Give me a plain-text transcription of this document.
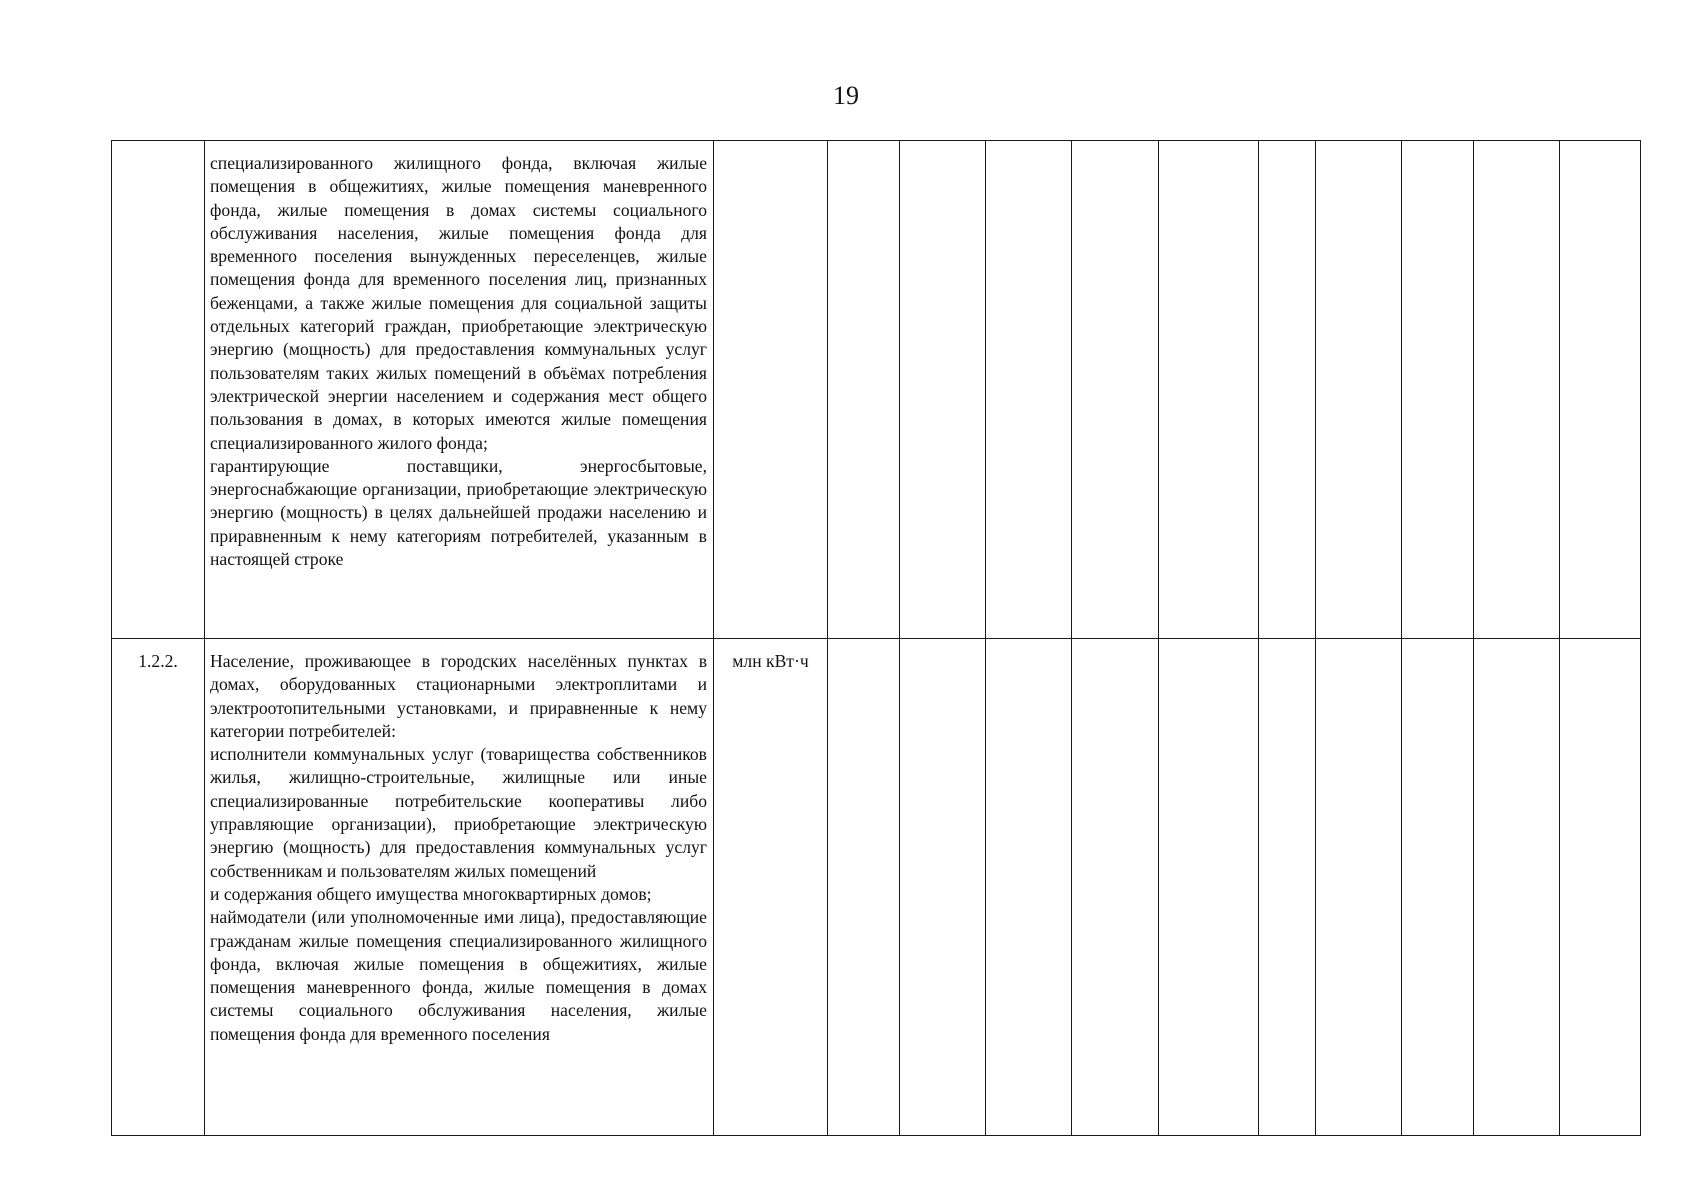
19

	специализированного жилищного фонда, включая жилые помещения в общежитиях, жилые помещения маневренного фонда, жилые помещения в домах системы социального обслуживания населения, жилые помещения фонда для временного поселения вынужденных переселенцев, жилые помещения фонда для временного поселения лиц, признанных беженцами, а также жилые помещения для социальной защиты отдельных категорий граждан, приобретающие электрическую энергию (мощность) для предоставления коммунальных услуг пользователям таких жилых помещений в объёмах потребления электрической энергии населением и содержания мест общего пользования в домах, в которых имеются жилые помещения специализированного жилого фонда;
гарантирующие поставщики, энергосбытовые, энергоснабжающие организации, приобретающие электрическую энергию (мощность) в целях дальнейшей продажи населению и приравненным к нему категориям потребителей, указанным в настоящей строке											

1.2.2.	Население, проживающее в городских населённых пунктах в домах, оборудованных стационарными электроплитами и электроотопительными установками, и приравненные к нему категории потребителей:
исполнители коммунальных услуг (товарищества собственников жилья, жилищно-строительные, жилищные или иные специализированные потребительские кооперативы либо управляющие организации), приобретающие электрическую энергию (мощность) для предоставления коммунальных услуг собственникам и пользователям жилых помещений
и содержания общего имущества многоквартирных домов;
наймодатели (или уполномоченные ими лица), предоставляющие гражданам жилые помещения специализированного жилищного фонда, включая жилые помещения в общежитиях, жилые помещения маневренного фонда, жилые помещения в домах системы социального обслуживания населения, жилые помещения фонда для временного поселения	млн кВт·ч										
